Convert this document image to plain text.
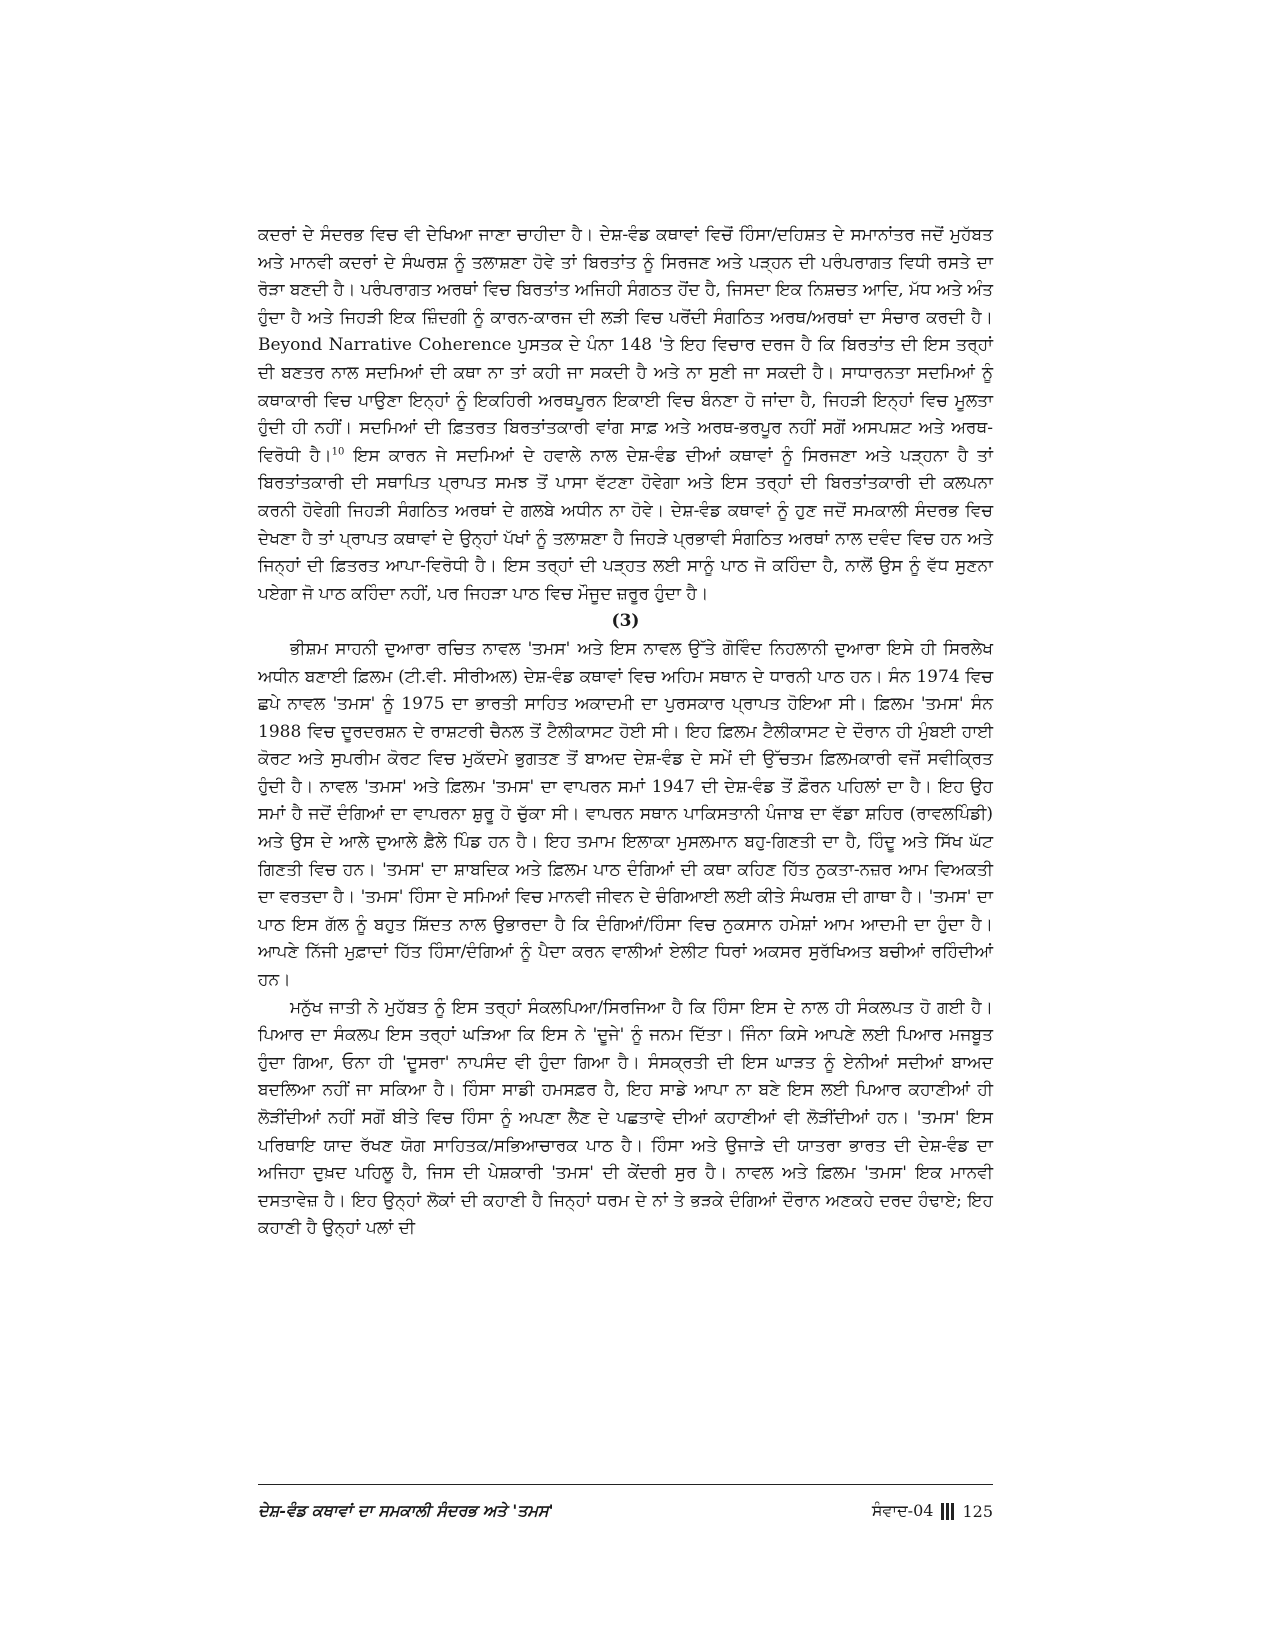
ਕਦਰਾਂ ਦੇ ਸੰਦਰਭ ਵਿਚ ਵੀ ਦੇਖਿਆ ਜਾਣਾ ਚਾਹੀਦਾ ਹੈ। ਦੇਸ਼-ਵੰਡ ਕਥਾਵਾਂ ਵਿਚੋਂ ਹਿੰਸਾ/ਦਹਿਸ਼ਤ ਦੇ ਸਮਾਨਾਂਤਰ ਜਦੋਂ ਮੁਹੱਬਤ ਅਤੇ ਮਾਨਵੀ ਕਦਰਾਂ ਦੇ ਸੰਘਰਸ਼ ਨੂੰ ਤਲਾਸ਼ਣਾ ਹੋਵੇ ਤਾਂ ਬਿਰਤਾਂਤ ਨੂੰ ਸਿਰਜਣ ਅਤੇ ਪੜ੍ਹਨ ਦੀ ਪਰੰਪਰਾਗਤ ਵਿਧੀ ਰਸਤੇ ਦਾ ਰੋੜਾ ਬਣਦੀ ਹੈ। ਪਰੰਪਰਾਗਤ ਅਰਥਾਂ ਵਿਚ ਬਿਰਤਾਂਤ ਅਜਿਹੀ ਸੰਗਠਤ ਹੋਂਦ ਹੈ, ਜਿਸਦਾ ਇਕ ਨਿਸ਼ਚਤ ਆਦਿ, ਮੱਧ ਅਤੇ ਅੰਤ ਹੁੰਦਾ ਹੈ ਅਤੇ ਜਿਹੜੀ ਇਕ ਜ਼ਿੰਦਗੀ ਨੂੰ ਕਾਰਨ-ਕਾਰਜ ਦੀ ਲੜੀ ਵਿਚ ਪਰੋਂਦੀ ਸੰਗਠਿਤ ਅਰਥ/ਅਰਥਾਂ ਦਾ ਸੰਚਾਰ ਕਰਦੀ ਹੈ। Beyond Narrative Coherence ਪੁਸਤਕ ਦੇ ਪੰਨਾ 148 'ਤੇ ਇਹ ਵਿਚਾਰ ਦਰਜ ਹੈ ਕਿ ਬਿਰਤਾਂਤ ਦੀ ਇਸ ਤਰ੍ਹਾਂ ਦੀ ਬਣਤਰ ਨਾਲ ਸਦਮਿਆਂ ਦੀ ਕਥਾ ਨਾ ਤਾਂ ਕਹੀ ਜਾ ਸਕਦੀ ਹੈ ਅਤੇ ਨਾ ਸੁਣੀ ਜਾ ਸਕਦੀ ਹੈ। ਸਾਧਾਰਨਤਾ ਸਦਮਿਆਂ ਨੂੰ ਕਥਾਕਾਰੀ ਵਿਚ ਪਾਉਣਾ ਇਨ੍ਹਾਂ ਨੂੰ ਇਕਹਿਰੀ ਅਰਥਪੂਰਨ ਇਕਾਈ ਵਿਚ ਬੰਨਣਾ ਹੋ ਜਾਂਦਾ ਹੈ, ਜਿਹੜੀ ਇਨ੍ਹਾਂ ਵਿਚ ਮੂਲਤਾ ਹੁੰਦੀ ਹੀ ਨਹੀਂ। ਸਦਮਿਆਂ ਦੀ ਫ਼ਿਤਰਤ ਬਿਰਤਾਂਤਕਾਰੀ ਵਾਂਗ ਸਾਫ਼ ਅਤੇ ਅਰਥ-ਭਰਪੂਰ ਨਹੀਂ ਸਗੋਂ ਅਸਪਸ਼ਟ ਅਤੇ ਅਰਥ-ਵਿਰੋਧੀ ਹੈ।$^{10}$ ਇਸ ਕਾਰਨ ਜੇ ਸਦਮਿਆਂ ਦੇ ਹਵਾਲੇ ਨਾਲ ਦੇਸ਼-ਵੰਡ ਦੀਆਂ ਕਥਾਵਾਂ ਨੂੰ ਸਿਰਜਣਾ ਅਤੇ ਪੜ੍ਹਨਾ ਹੈ ਤਾਂ ਬਿਰਤਾਂਤਕਾਰੀ ਦੀ ਸਥਾਪਿਤ ਪ੍ਰਾਪਤ ਸਮਝ ਤੋਂ ਪਾਸਾ ਵੱਟਣਾ ਹੋਵੇਗਾ ਅਤੇ ਇਸ ਤਰ੍ਹਾਂ ਦੀ ਬਿਰਤਾਂਤਕਾਰੀ ਦੀ ਕਲਪਨਾ ਕਰਨੀ ਹੋਵੇਗੀ ਜਿਹੜੀ ਸੰਗਠਿਤ ਅਰਥਾਂ ਦੇ ਗਲਬੇ ਅਧੀਨ ਨਾ ਹੋਵੇ। ਦੇਸ਼-ਵੰਡ ਕਥਾਵਾਂ ਨੂੰ ਹੁਣ ਜਦੋਂ ਸਮਕਾਲੀ ਸੰਦਰਭ ਵਿਚ ਦੇਖਣਾ ਹੈ ਤਾਂ ਪ੍ਰਾਪਤ ਕਥਾਵਾਂ ਦੇ ਉਨ੍ਹਾਂ ਪੱਖਾਂ ਨੂੰ ਤਲਾਸ਼ਣਾ ਹੈ ਜਿਹੜੇ ਪ੍ਰਭਾਵੀ ਸੰਗਠਿਤ ਅਰਥਾਂ ਨਾਲ ਦਵੰਦ ਵਿਚ ਹਨ ਅਤੇ ਜਿਨ੍ਹਾਂ ਦੀ ਫ਼ਿਤਰਤ ਆਪਾ-ਵਿਰੋਧੀ ਹੈ। ਇਸ ਤਰ੍ਹਾਂ ਦੀ ਪੜ੍ਹਤ ਲਈ ਸਾਨੂੰ ਪਾਠ ਜੋ ਕਹਿੰਦਾ ਹੈ, ਨਾਲੋਂ ਉਸ ਨੂੰ ਵੱਧ ਸੁਣਨਾ ਪਏਗਾ ਜੋ ਪਾਠ ਕਹਿੰਦਾ ਨਹੀਂ, ਪਰ ਜਿਹੜਾ ਪਾਠ ਵਿਚ ਮੌਜੂਦ ਜ਼ਰੂਰ ਹੁੰਦਾ ਹੈ।

(3)

ਭੀਸ਼ਮ ਸਾਹਨੀ ਦੁਆਰਾ ਰਚਿਤ ਨਾਵਲ 'ਤਮਸ' ਅਤੇ ਇਸ ਨਾਵਲ ਉੱਤੇ ਗੋਵਿੰਦ ਨਿਹਲਾਨੀ ਦੁਆਰਾ ਇਸੇ ਹੀ ਸਿਰਲੇਖ ਅਧੀਨ ਬਣਾਈ ਫ਼ਿਲਮ (ਟੀ.ਵੀ. ਸੀਰੀਅਲ) ਦੇਸ਼-ਵੰਡ ਕਥਾਵਾਂ ਵਿਚ ਅਹਿਮ ਸਥਾਨ ਦੇ ਧਾਰਨੀ ਪਾਠ ਹਨ। ਸੰਨ 1974 ਵਿਚ ਛਪੇ ਨਾਵਲ 'ਤਮਸ' ਨੂੰ 1975 ਦਾ ਭਾਰਤੀ ਸਾਹਿਤ ਅਕਾਦਮੀ ਦਾ ਪੁਰਸਕਾਰ ਪ੍ਰਾਪਤ ਹੋਇਆ ਸੀ। ਫ਼ਿਲਮ 'ਤਮਸ' ਸੰਨ 1988 ਵਿਚ ਦੂਰਦਰਸ਼ਨ ਦੇ ਰਾਸ਼ਟਰੀ ਚੈਨਲ ਤੋਂ ਟੈਲੀਕਾਸਟ ਹੋਈ ਸੀ। ਇਹ ਫ਼ਿਲਮ ਟੈਲੀਕਾਸਟ ਦੇ ਦੌਰਾਨ ਹੀ ਮੁੰਬਈ ਹਾਈ ਕੋਰਟ ਅਤੇ ਸੁਪਰੀਮ ਕੋਰਟ ਵਿਚ ਮੁਕੱਦਮੇ ਭੁਗਤਣ ਤੋਂ ਬਾਅਦ ਦੇਸ਼-ਵੰਡ ਦੇ ਸਮੇਂ ਦੀ ਉੱਚਤਮ ਫ਼ਿਲਮਕਾਰੀ ਵਜੋਂ ਸਵੀਕ੍ਰਿਤ ਹੁੰਦੀ ਹੈ। ਨਾਵਲ 'ਤਮਸ' ਅਤੇ ਫ਼ਿਲਮ 'ਤਮਸ' ਦਾ ਵਾਪਰਨ ਸਮਾਂ 1947 ਦੀ ਦੇਸ਼-ਵੰਡ ਤੋਂ ਫ਼ੌਰਨ ਪਹਿਲਾਂ ਦਾ ਹੈ। ਇਹ ਉਹ ਸਮਾਂ ਹੈ ਜਦੋਂ ਦੰਗਿਆਂ ਦਾ ਵਾਪਰਨਾ ਸ਼ੁਰੂ ਹੋ ਚੁੱਕਾ ਸੀ। ਵਾਪਰਨ ਸਥਾਨ ਪਾਕਿਸਤਾਨੀ ਪੰਜਾਬ ਦਾ ਵੱਡਾ ਸ਼ਹਿਰ (ਰਾਵਲਪਿੰਡੀ) ਅਤੇ ਉਸ ਦੇ ਆਲੇ ਦੁਆਲੇ ਫ਼ੈਲੇ ਪਿੰਡ ਹਨ ਹੈ। ਇਹ ਤਮਾਮ ਇਲਾਕਾ ਮੁਸਲਮਾਨ ਬਹੁ-ਗਿਣਤੀ ਦਾ ਹੈ, ਹਿੰਦੂ ਅਤੇ ਸਿੱਖ ਘੱਟ ਗਿਣਤੀ ਵਿਚ ਹਨ। 'ਤਮਸ' ਦਾ ਸ਼ਾਬਦਿਕ ਅਤੇ ਫ਼ਿਲਮ ਪਾਠ ਦੰਗਿਆਂ ਦੀ ਕਥਾ ਕਹਿਣ ਹਿੱਤ ਨੁਕਤਾ-ਨਜ਼ਰ ਆਮ ਵਿਅਕਤੀ ਦਾ ਵਰਤਦਾ ਹੈ। 'ਤਮਸ' ਹਿੰਸਾ ਦੇ ਸਮਿਆਂ ਵਿਚ ਮਾਨਵੀ ਜੀਵਨ ਦੇ ਚੰਗਿਆਈ ਲਈ ਕੀਤੇ ਸੰਘਰਸ਼ ਦੀ ਗਾਥਾ ਹੈ। 'ਤਮਸ' ਦਾ ਪਾਠ ਇਸ ਗੱਲ ਨੂੰ ਬਹੁਤ ਸ਼ਿੱਦਤ ਨਾਲ ਉਭਾਰਦਾ ਹੈ ਕਿ ਦੰਗਿਆਂ/ਹਿੰਸਾ ਵਿਚ ਨੁਕਸਾਨ ਹਮੇਸ਼ਾਂ ਆਮ ਆਦਮੀ ਦਾ ਹੁੰਦਾ ਹੈ। ਆਪਣੇ ਨਿੱਜੀ ਮੁਫ਼ਾਦਾਂ ਹਿੱਤ ਹਿੰਸਾ/ਦੰਗਿਆਂ ਨੂੰ ਪੈਦਾ ਕਰਨ ਵਾਲੀਆਂ ਏਲੀਟ ਧਿਰਾਂ ਅਕਸਰ ਸੁਰੱਖਿਅਤ ਬਚੀਆਂ ਰਹਿੰਦੀਆਂ ਹਨ।

ਮਨੁੱਖ ਜਾਤੀ ਨੇ ਮੁਹੱਬਤ ਨੂੰ ਇਸ ਤਰ੍ਹਾਂ ਸੰਕਲਪਿਆ/ਸਿਰਜਿਆ ਹੈ ਕਿ ਹਿੰਸਾ ਇਸ ਦੇ ਨਾਲ ਹੀ ਸੰਕਲਪਤ ਹੋ ਗਈ ਹੈ। ਪਿਆਰ ਦਾ ਸੰਕਲਪ ਇਸ ਤਰ੍ਹਾਂ ਘੜਿਆ ਕਿ ਇਸ ਨੇ 'ਦੂਜੇ' ਨੂੰ ਜਨਮ ਦਿੱਤਾ। ਜਿੰਨਾ ਕਿਸੇ ਆਪਣੇ ਲਈ ਪਿਆਰ ਮਜਬੂਤ ਹੁੰਦਾ ਗਿਆ, ਓਨਾ ਹੀ 'ਦੂਸਰਾ' ਨਾਪਸੰਦ ਵੀ ਹੁੰਦਾ ਗਿਆ ਹੈ। ਸੰਸਕ੍ਰਤੀ ਦੀ ਇਸ ਘਾੜਤ ਨੂੰ ਏਨੀਆਂ ਸਦੀਆਂ ਬਾਅਦ ਬਦਲਿਆ ਨਹੀਂ ਜਾ ਸਕਿਆ ਹੈ। ਹਿੰਸਾ ਸਾਡੀ ਹਮਸਫ਼ਰ ਹੈ, ਇਹ ਸਾਡੇ ਆਪਾ ਨਾ ਬਣੇ ਇਸ ਲਈ ਪਿਆਰ ਕਹਾਣੀਆਂ ਹੀ ਲੋੜੀਂਦੀਆਂ ਨਹੀਂ ਸਗੋਂ ਬੀਤੇ ਵਿਚ ਹਿੰਸਾ ਨੂੰ ਅਪਣਾ ਲੈਣ ਦੇ ਪਛਤਾਵੇ ਦੀਆਂ ਕਹਾਣੀਆਂ ਵੀ ਲੋੜੀਂਦੀਆਂ ਹਨ। 'ਤਮਸ' ਇਸ ਪਰਿਥਾਇ ਯਾਦ ਰੱਖਣ ਯੋਗ ਸਾਹਿਤਕ/ਸਭਿਆਚਾਰਕ ਪਾਠ ਹੈ। ਹਿੰਸਾ ਅਤੇ ਉਜਾੜੇ ਦੀ ਯਾਤਰਾ ਭਾਰਤ ਦੀ ਦੇਸ਼-ਵੰਡ ਦਾ ਅਜਿਹਾ ਦੁਖ਼ਦ ਪਹਿਲੂ ਹੈ, ਜਿਸ ਦੀ ਪੇਸ਼ਕਾਰੀ 'ਤਮਸ' ਦੀ ਕੇਂਦਰੀ ਸੁਰ ਹੈ। ਨਾਵਲ ਅਤੇ ਫ਼ਿਲਮ 'ਤਮਸ' ਇਕ ਮਾਨਵੀ ਦਸਤਾਵੇਜ਼ ਹੈ। ਇਹ ਉਨ੍ਹਾਂ ਲੋਕਾਂ ਦੀ ਕਹਾਣੀ ਹੈ ਜਿਨ੍ਹਾਂ ਧਰਮ ਦੇ ਨਾਂ ਤੇ ਭੜਕੇ ਦੰਗਿਆਂ ਦੌਰਾਨ ਅਣਕਹੇ ਦਰਦ ਹੰਢਾਏ; ਇਹ ਕਹਾਣੀ ਹੈ ਉਨ੍ਹਾਂ ਪਲਾਂ ਦੀ

ਦੇਸ਼-ਵੰਡ ਕਥਾਵਾਂ ਦਾ ਸਮਕਾਲੀ ਸੰਦਰਭ ਅਤੇ 'ਤਮਸ'	ਸੰਵਾਦ-04 125
